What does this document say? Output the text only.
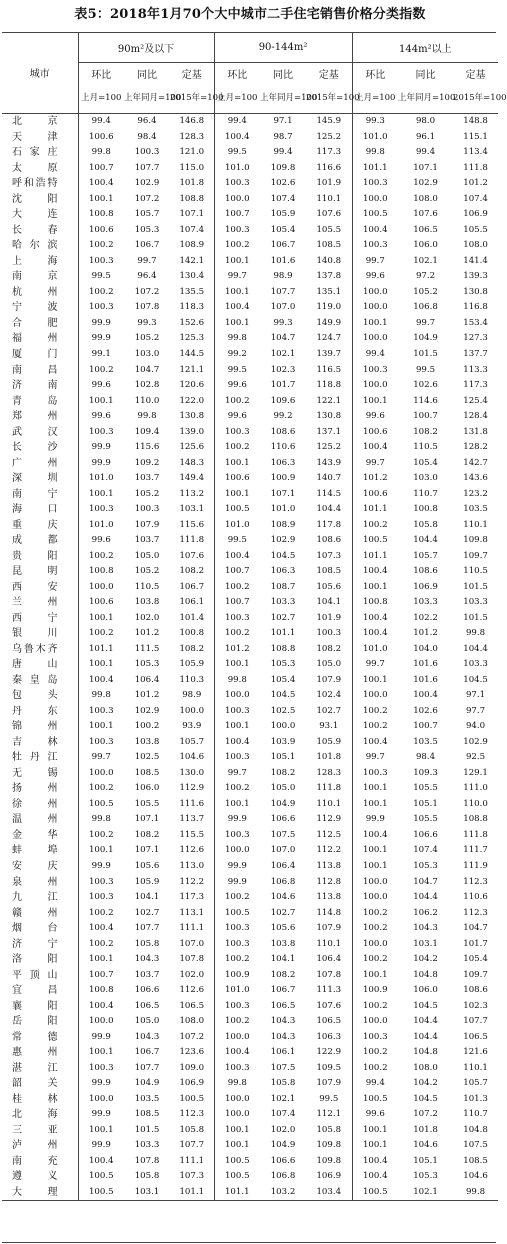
表5：2018年1月70个大中城市二手住宅销售价格分类指数
城市	90m²及以下			90-144m²			144m²以上		
	环比	同比	定基	环比	同比	定基	环比	同比	定基
	上月=100	上年同月=100	2015年=100	上月=100	上年同月=100	2015年=100	上月=100	上年同月=100	2015年=100
北京	99.4	96.4	146.8	99.4	97.1	145.9	99.3	98.0	148.8
天津	100.6	98.4	128.3	100.4	98.7	125.2	101.0	96.1	115.1
石家庄	99.8	100.3	121.0	99.5	99.4	117.3	99.8	99.4	113.4
太原	100.7	107.7	115.0	101.0	109.8	116.6	101.1	107.1	111.8
呼和浩特	100.4	102.9	101.8	100.3	102.6	101.9	100.3	102.9	101.2
沈阳	100.1	107.2	108.8	100.0	107.4	110.1	100.0	108.0	107.4
大连	100.8	105.7	107.1	100.7	105.9	107.6	100.5	107.6	106.9
长春	100.6	105.3	107.4	100.3	105.4	105.5	100.4	106.5	105.5
哈尔滨	100.2	106.7	108.9	100.2	106.7	108.5	100.3	106.0	108.0
上海	100.3	99.7	142.1	100.1	101.6	140.8	99.7	102.1	141.4
南京	99.5	96.4	130.4	99.7	98.9	137.8	99.6	97.2	139.3
杭州	100.2	107.2	135.5	100.1	107.7	135.1	100.0	105.2	130.8
宁波	100.3	107.8	118.3	100.4	107.0	119.0	100.0	106.8	116.8
合肥	99.9	99.3	152.6	100.1	99.3	149.9	100.1	99.7	153.4
福州	99.9	105.2	125.3	99.8	104.7	124.7	100.0	104.9	127.3
厦门	99.1	103.0	144.5	99.2	102.1	139.7	99.4	101.5	137.7
南昌	100.2	104.7	121.1	99.5	102.3	116.5	100.3	99.5	113.3
济南	99.6	102.8	120.6	99.6	101.7	118.8	100.0	102.6	117.3
青岛	100.1	110.0	122.0	100.2	109.6	122.1	100.1	114.6	125.4
郑州	99.6	99.8	130.8	99.6	99.2	130.8	99.6	100.7	128.4
武汉	100.3	109.4	139.0	100.3	108.6	137.1	100.6	108.2	131.8
长沙	99.9	115.6	125.6	100.2	110.6	125.2	100.4	110.5	128.2
广州	99.9	109.2	148.3	100.1	106.3	143.9	99.7	105.4	142.7
深圳	101.0	103.7	149.4	100.6	100.9	140.7	101.2	103.0	143.6
南宁	100.1	105.2	113.2	100.1	107.1	114.5	100.6	110.7	123.2
海口	100.3	100.3	103.1	100.5	101.0	104.4	101.1	100.8	103.5
重庆	101.0	107.9	115.6	101.0	108.9	117.8	100.2	105.8	110.1
成都	99.6	103.7	111.8	99.5	102.9	108.6	100.5	104.4	109.8
贵阳	100.2	105.0	107.6	100.4	104.5	107.3	101.1	105.7	109.7
昆明	100.8	105.2	108.2	100.7	106.3	108.5	100.4	108.6	110.5
西安	100.0	110.5	106.7	100.2	108.7	105.6	100.1	106.9	101.5
兰州	100.6	103.8	106.1	100.7	103.3	104.1	100.8	103.3	103.3
西宁	100.1	102.0	101.4	100.3	102.7	101.9	100.4	102.2	101.5
银川	100.2	101.2	100.8	100.2	101.1	100.3	100.4	101.2	99.8
乌鲁木齐	101.1	111.5	108.2	101.2	108.8	108.2	101.0	104.0	104.4
唐山	100.1	105.3	105.9	100.1	105.3	105.0	99.7	101.6	103.3
秦皇岛	100.4	106.4	110.3	99.8	105.4	107.9	100.1	101.6	104.5
包头	99.8	101.2	98.9	100.0	104.5	102.4	100.0	100.4	97.1
丹东	100.3	102.9	100.0	100.3	102.5	102.7	100.2	102.6	97.7
锦州	100.1	100.2	93.9	100.1	100.0	93.1	100.2	100.7	94.0
吉林	100.3	103.8	105.7	100.4	103.9	105.9	100.4	103.5	102.9
牡丹江	99.7	102.5	104.6	100.3	105.1	101.8	99.7	98.4	92.5
无锡	100.0	108.5	130.0	99.7	108.2	128.3	100.3	109.3	129.1
扬州	100.2	106.0	112.9	100.2	105.0	111.8	100.1	105.5	111.0
徐州	100.5	105.5	111.6	100.1	104.9	110.1	100.1	105.1	110.0
温州	99.8	107.1	113.7	99.9	106.6	112.9	99.9	105.5	108.8
金华	100.2	108.2	115.5	100.3	107.5	112.5	100.4	106.6	111.8
蚌埠	100.1	107.1	112.6	100.0	107.0	112.2	100.1	107.4	111.7
安庆	99.9	105.6	113.0	99.9	106.4	113.8	100.1	105.3	111.9
泉州	100.3	105.9	112.2	99.9	106.8	112.8	100.0	104.7	112.3
九江	100.3	104.1	117.3	100.2	104.6	113.8	100.0	104.4	110.6
赣州	100.2	102.7	113.1	100.5	102.7	114.8	100.2	106.2	112.3
烟台	100.4	107.7	111.1	100.3	105.6	107.9	100.2	104.3	104.7
济宁	100.2	105.8	107.0	100.3	103.8	110.1	100.0	103.1	101.7
洛阳	100.1	104.3	107.8	100.2	104.1	106.4	100.2	104.2	105.4
平顶山	100.7	103.7	102.0	100.9	108.2	107.8	100.1	104.8	109.7
宜昌	100.8	106.6	112.6	101.0	106.7	111.3	100.9	106.0	108.6
襄阳	100.4	106.5	106.5	100.3	106.5	107.6	100.2	104.5	102.3
岳阳	100.0	105.0	108.0	100.2	104.3	106.5	100.0	104.4	107.7
常德	99.9	104.3	107.2	100.0	104.3	106.3	100.3	104.4	106.5
惠州	100.1	106.7	123.6	100.4	106.1	122.9	100.2	104.8	121.6
湛江	100.3	107.7	109.0	100.3	107.5	109.5	100.2	108.0	110.1
韶关	99.9	104.9	106.9	99.8	105.8	107.9	99.4	104.2	105.7
桂林	100.0	103.5	100.5	100.0	102.1	99.5	100.5	104.5	101.3
北海	99.9	108.5	112.3	100.0	107.4	112.1	99.6	107.2	110.7
三亚	100.1	101.5	105.8	100.1	102.0	105.8	100.1	101.8	104.8
泸州	99.9	103.3	107.7	100.1	104.9	109.8	100.1	104.6	107.5
南充	100.4	107.8	111.1	100.5	106.6	109.8	100.4	105.1	108.5
遵义	100.5	105.8	107.3	100.5	106.8	106.9	100.4	105.3	104.6
大理	100.5	103.1	101.1	101.1	103.2	103.4	100.5	102.1	99.8
